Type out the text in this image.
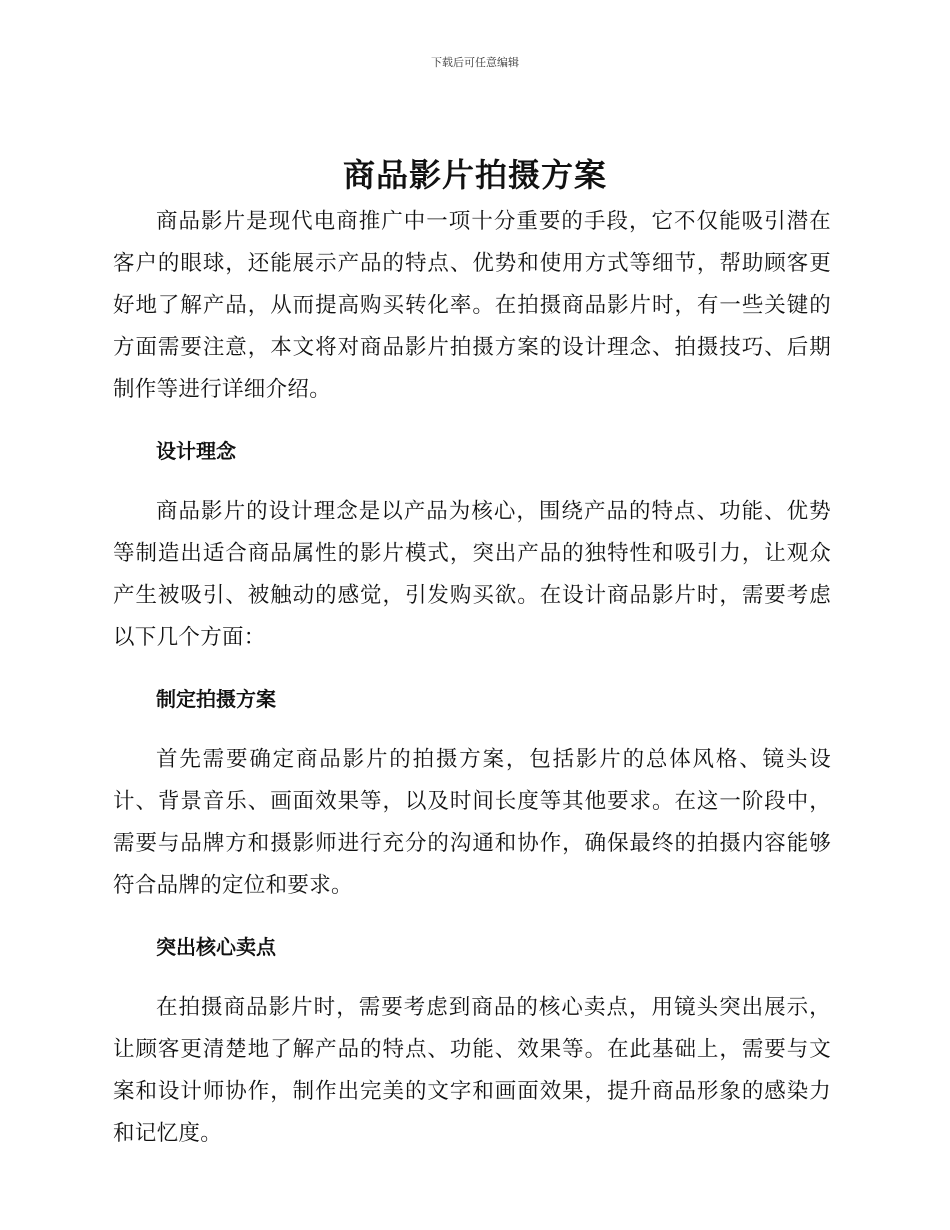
下载后可任意编辑

商品影片拍摄方案

商品影片是现代电商推广中一项十分重要的手段，它不仅能吸引潜在客户的眼球，还能展示产品的特点、优势和使用方式等细节，帮助顾客更好地了解产品，从而提高购买转化率。在拍摄商品影片时，有一些关键的方面需要注意，本文将对商品影片拍摄方案的设计理念、拍摄技巧、后期制作等进行详细介绍。

设计理念

商品影片的设计理念是以产品为核心，围绕产品的特点、功能、优势等制造出适合商品属性的影片模式，突出产品的独特性和吸引力，让观众产生被吸引、被触动的感觉，引发购买欲。在设计商品影片时，需要考虑以下几个方面：

制定拍摄方案

首先需要确定商品影片的拍摄方案，包括影片的总体风格、镜头设计、背景音乐、画面效果等，以及时间长度等其他要求。在这一阶段中，需要与品牌方和摄影师进行充分的沟通和协作，确保最终的拍摄内容能够符合品牌的定位和要求。

突出核心卖点

在拍摄商品影片时，需要考虑到商品的核心卖点，用镜头突出展示，让顾客更清楚地了解产品的特点、功能、效果等。在此基础上，需要与文案和设计师协作，制作出完美的文字和画面效果，提升商品形象的感染力和记忆度。
